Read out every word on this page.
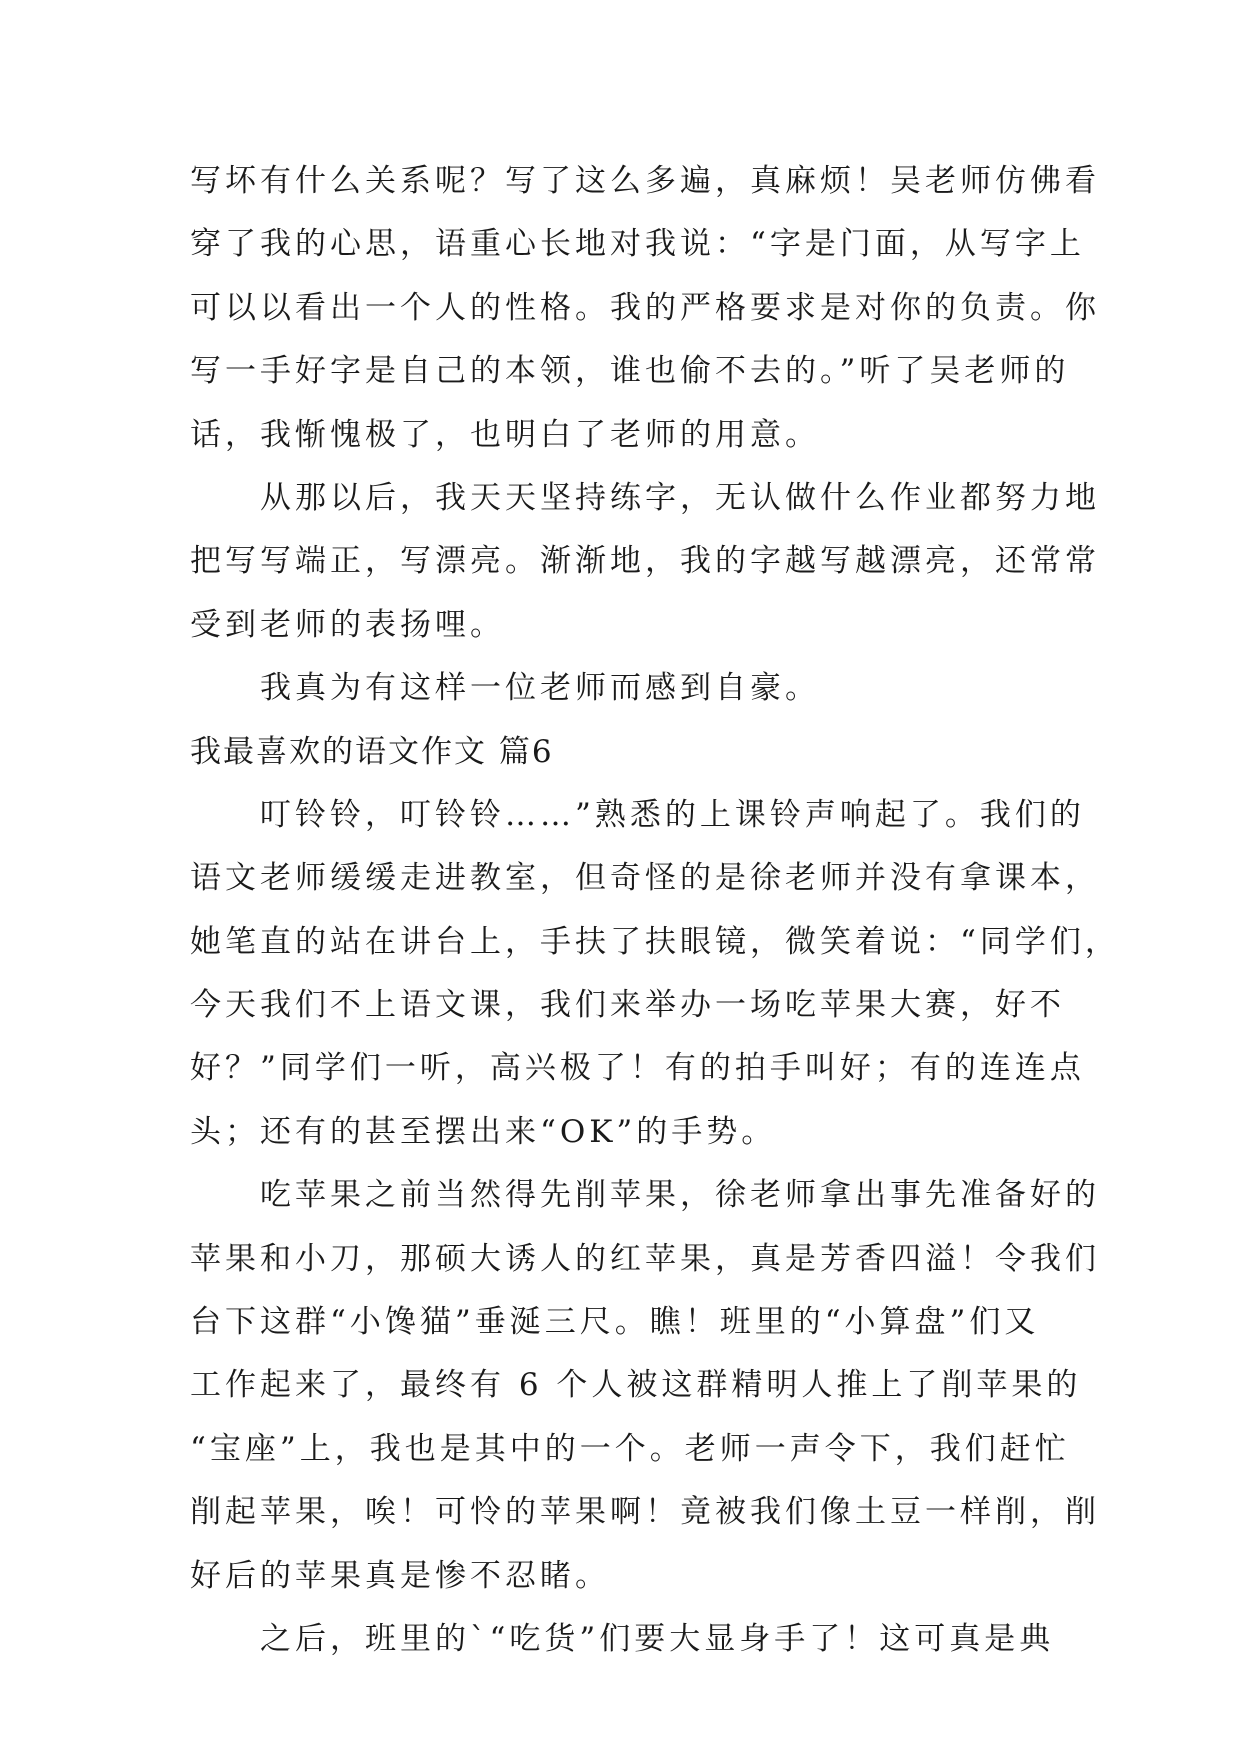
写坏有什么关系呢？写了这么多遍，真麻烦！吴老师仿佛看
穿了我的心思，语重心长地对我说：“字是门面，从写字上
可以以看出一个人的性格。我的严格要求是对你的负责。你
写一手好字是自己的本领，谁也偷不去的。”听了吴老师的
话，我惭愧极了，也明白了老师的用意。
　　从那以后，我天天坚持练字，无认做什么作业都努力地
把写写端正，写漂亮。渐渐地，我的字越写越漂亮，还常常
受到老师的表扬哩。
　　我真为有这样一位老师而感到自豪。
我最喜欢的语文作文 篇6
　　叮铃铃，叮铃铃……”熟悉的上课铃声响起了。我们的
语文老师缓缓走进教室，但奇怪的是徐老师并没有拿课本，
她笔直的站在讲台上，手扶了扶眼镜，微笑着说：“同学们，
今天我们不上语文课，我们来举办一场吃苹果大赛，好不
好？”同学们一听，高兴极了！有的拍手叫好；有的连连点
头；还有的甚至摆出来“OK”的手势。
　　吃苹果之前当然得先削苹果，徐老师拿出事先准备好的
苹果和小刀，那硕大诱人的红苹果，真是芳香四溢！令我们
台下这群“小馋猫”垂涎三尺。瞧！班里的“小算盘”们又
工作起来了，最终有 6 个人被这群精明人推上了削苹果的
“宝座”上，我也是其中的一个。老师一声令下，我们赶忙
削起苹果，唉！可怜的苹果啊！竟被我们像土豆一样削，削
好后的苹果真是惨不忍睹。
　　之后，班里的`“吃货”们要大显身手了！这可真是典
